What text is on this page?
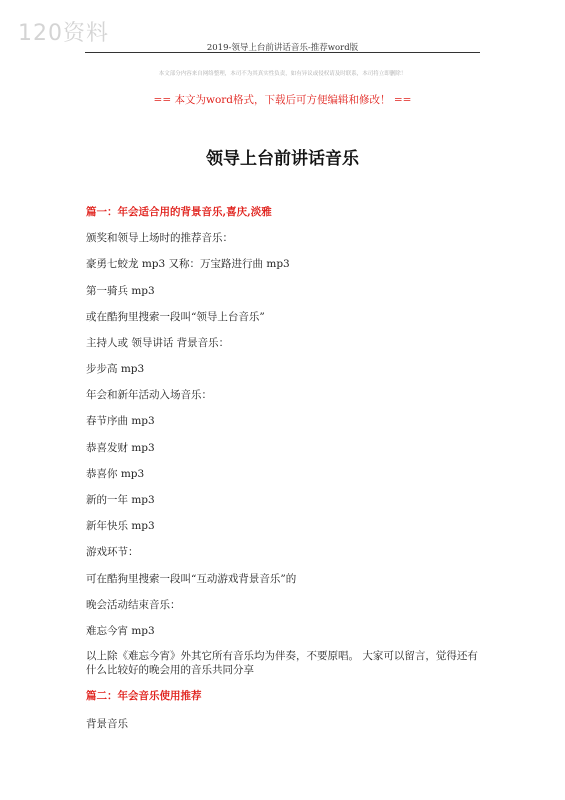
120资料
2019-领导上台前讲话音乐-推荐word版
本文部分内容来自网络整理，本司不为其真实性负责，如有异议或侵权请及时联系，本司将立即删除！
== 本文为word格式，下载后可方便编辑和修改！ ==
领导上台前讲话音乐
篇一：年会适合用的背景音乐,喜庆,淡雅
颁奖和领导上场时的推荐音乐：
豪勇七蛟龙 mp3 又称：万宝路进行曲 mp3
第一骑兵 mp3
或在酷狗里搜索一段叫“领导上台音乐”
主持人或 领导讲话 背景音乐：
步步高 mp3
年会和新年活动入场音乐：
春节序曲 mp3
恭喜发财 mp3
恭喜你 mp3
新的一年 mp3
新年快乐 mp3
游戏环节：
可在酷狗里搜索一段叫“互动游戏背景音乐”的
晚会活动结束音乐：
难忘今宵 mp3
以上除《难忘今宵》外其它所有音乐均为伴奏，不要原唱。 大家可以留言，觉得还有什么比较好的晚会用的音乐共同分享
篇二：年会音乐使用推荐
背景音乐
